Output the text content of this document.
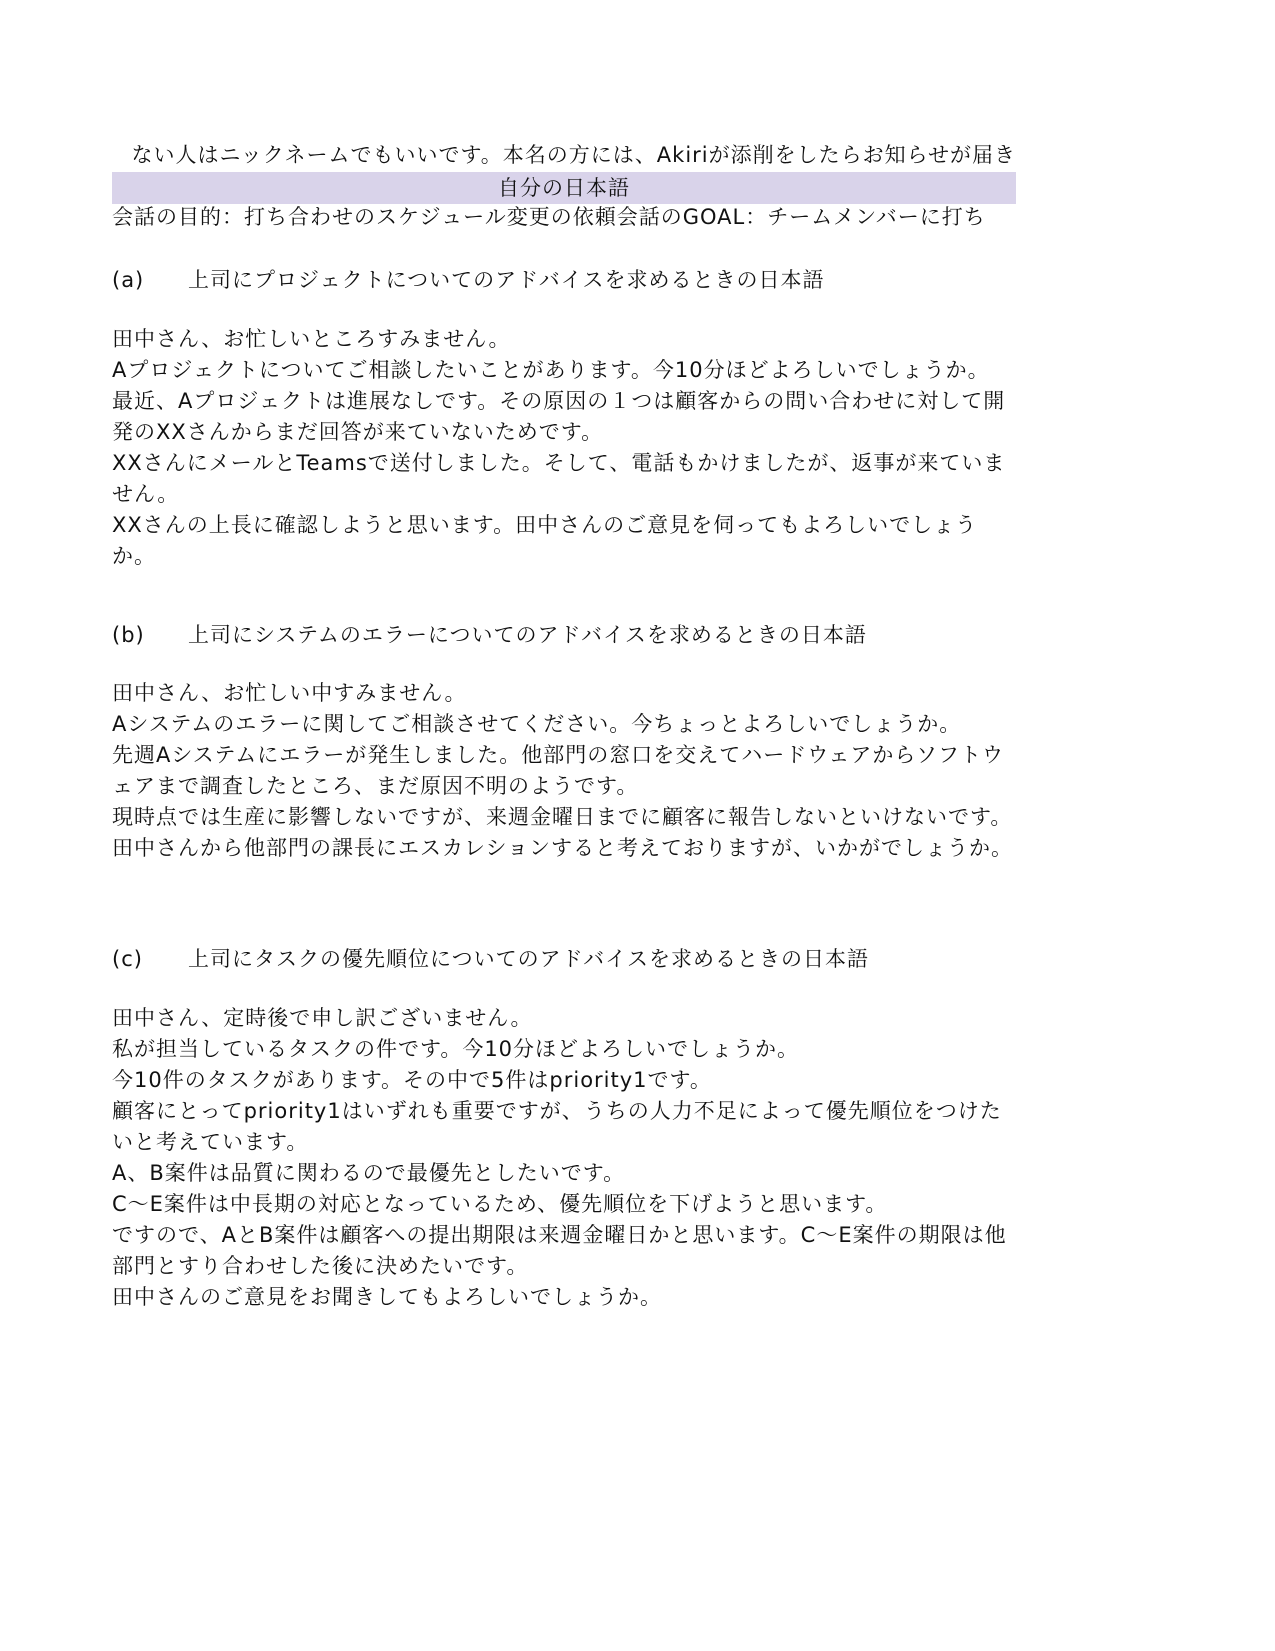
ない人はニックネームでもいいです。本名の方には、Akiriが添削をしたらお知らせが届き
自分の日本語
会話の目的：打ち合わせのスケジュール変更の依頼会話のGOAL：チームメンバーに打ち
(a) 上司にプロジェクトについてのアドバイスを求めるときの日本語

田中さん、お忙しいところすみません。

Aプロジェクトについてご相談したいことがあります。今10分ほどよろしいでしょうか。

最近、Aプロジェクトは進展なしです。その原因の１つは顧客からの問い合わせに対して開発のXXさんからまだ回答が来ていないためです。

XXさんにメールとTeamsで送付しました。そして、電話もかけましたが、返事が来ていません。

XXさんの上長に確認しようと思います。田中さんのご意見を伺ってもよろしいでしょうか。

(b) 上司にシステムのエラーについてのアドバイスを求めるときの日本語

田中さん、お忙しい中すみません。

Aシステムのエラーに関してご相談させてください。今ちょっとよろしいでしょうか。

先週Aシステムにエラーが発生しました。他部門の窓口を交えてハードウェアからソフトウェアまで調査したところ、まだ原因不明のようです。

現時点では生産に影響しないですが、来週金曜日までに顧客に報告しないといけないです。

田中さんから他部門の課長にエスカレションすると考えておりますが、いかがでしょうか。

(c) 上司にタスクの優先順位についてのアドバイスを求めるときの日本語

田中さん、定時後で申し訳ございません。

私が担当しているタスクの件です。今10分ほどよろしいでしょうか。

今10件のタスクがあります。その中で5件はpriority1です。

顧客にとってpriority1はいずれも重要ですが、うちの人力不足によって優先順位をつけたいと考えています。

A、B案件は品質に関わるので最優先としたいです。

C〜E案件は中長期の対応となっているため、優先順位を下げようと思います。

ですので、AとB案件は顧客への提出期限は来週金曜日かと思います。C〜E案件の期限は他部門とすり合わせした後に決めたいです。

田中さんのご意見をお聞きしてもよろしいでしょうか。
